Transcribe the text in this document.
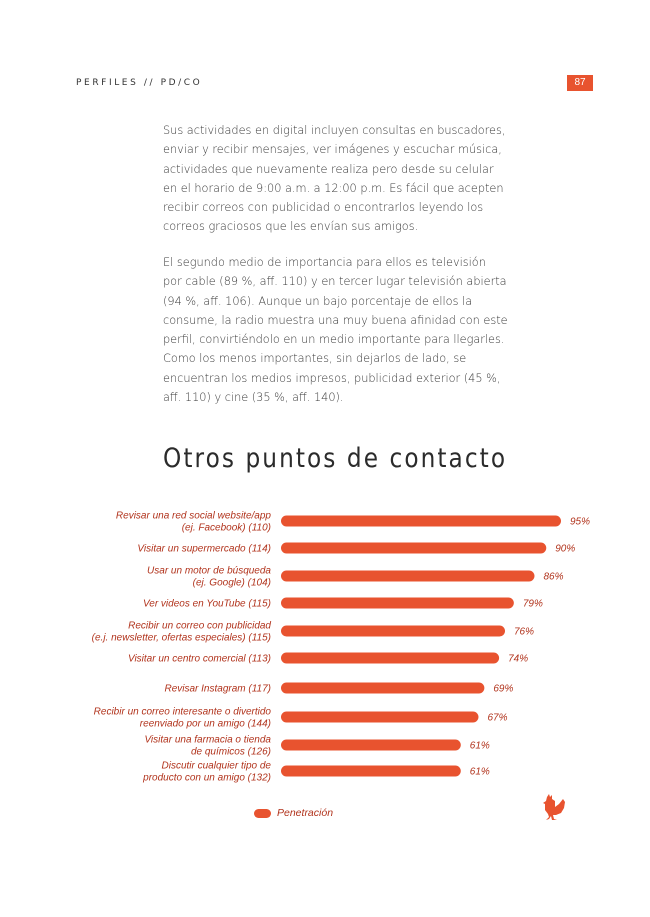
PERFILES // PD/CO	87

Sus actividades en digital incluyen consultas en buscadores, enviar y recibir mensajes, ver imágenes y escuchar música, actividades que nuevamente realiza pero desde su celular en el horario de 9:00 a.m. a 12:00 p.m. Es fácil que acepten recibir correos con publicidad o encontrarlos leyendo los correos graciosos que les envían sus amigos.

El segundo medio de importancia para ellos es televisión por cable (89 %, aff. 110) y en tercer lugar televisión abierta (94 %, aff. 106). Aunque un bajo porcentaje de ellos la consume, la radio muestra una muy buena afinidad con este perfil, convirtiéndolo en un medio importante para llegarles. Como los menos importantes, sin dejarlos de lado, se encuentran los medios impresos, publicidad exterior (45 %, aff. 110) y cine (35 %, aff. 140).

Otros puntos de contacto
95%
Revisar una red social website/app
(ej. Facebook) (110)
90%
Visitar un supermercado (114)
86%
Usar un motor de búsqueda
(ej. Google) (104)
79%
Ver videos en YouTube (115)
76%
Recibir un correo con publicidad
(e.j. newsletter, ofertas especiales) (115)
74%
Visitar un centro comercial (113)
69%
Revisar Instagram (117)
67%
Recibir un correo interesante o divertido
reenviado por un amigo (144)
61%
Visitar una farmacia o tienda
de químicos (126)
61%
Discutir cualquier tipo de
producto con un amigo (132)
Penetración
